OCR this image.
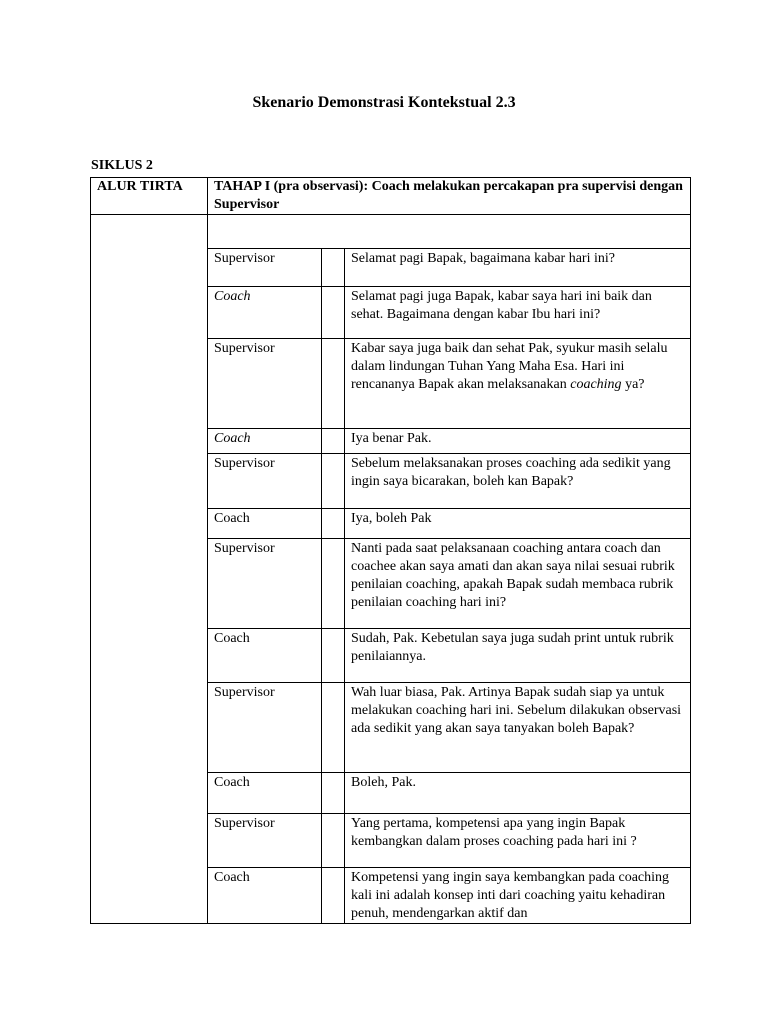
Skenario Demonstrasi Kontekstual 2.3
SIKLUS 2
ALUR TIRTA	TAHAP I (pra observasi): Coach melakukan percakapan pra supervisi dengan Supervisor		

	Supervisor		Selamat pagi Bapak, bagaimana kabar hari ini?
	Coach		Selamat pagi juga Bapak, kabar saya hari ini baik dan sehat. Bagaimana dengan kabar Ibu hari ini?
	Supervisor		Kabar saya juga baik dan sehat Pak, syukur masih selalu dalam lindungan Tuhan Yang Maha Esa. Hari ini rencananya Bapak akan melaksanakan coaching ya?
	Coach		Iya benar Pak.
	Supervisor		Sebelum melaksanakan proses coaching ada sedikit yang ingin saya bicarakan, boleh kan Bapak?
	Coach		Iya, boleh Pak
	Supervisor		Nanti pada saat pelaksanaan coaching antara coach dan coachee akan saya amati dan akan saya nilai sesuai rubrik penilaian coaching, apakah Bapak sudah membaca rubrik penilaian coaching hari ini?
	Coach		Sudah, Pak. Kebetulan saya juga sudah print untuk rubrik penilaiannya.
	Supervisor		Wah luar biasa, Pak. Artinya Bapak sudah siap ya untuk melakukan coaching hari ini. Sebelum dilakukan observasi ada sedikit yang akan saya tanyakan boleh Bapak?
	Coach		Boleh, Pak.
	Supervisor		Yang pertama, kompetensi apa yang ingin Bapak kembangkan dalam proses coaching pada hari ini ?
	Coach		Kompetensi yang ingin saya kembangkan pada coaching kali ini adalah konsep inti dari coaching yaitu kehadiran penuh, mendengarkan aktif dan
